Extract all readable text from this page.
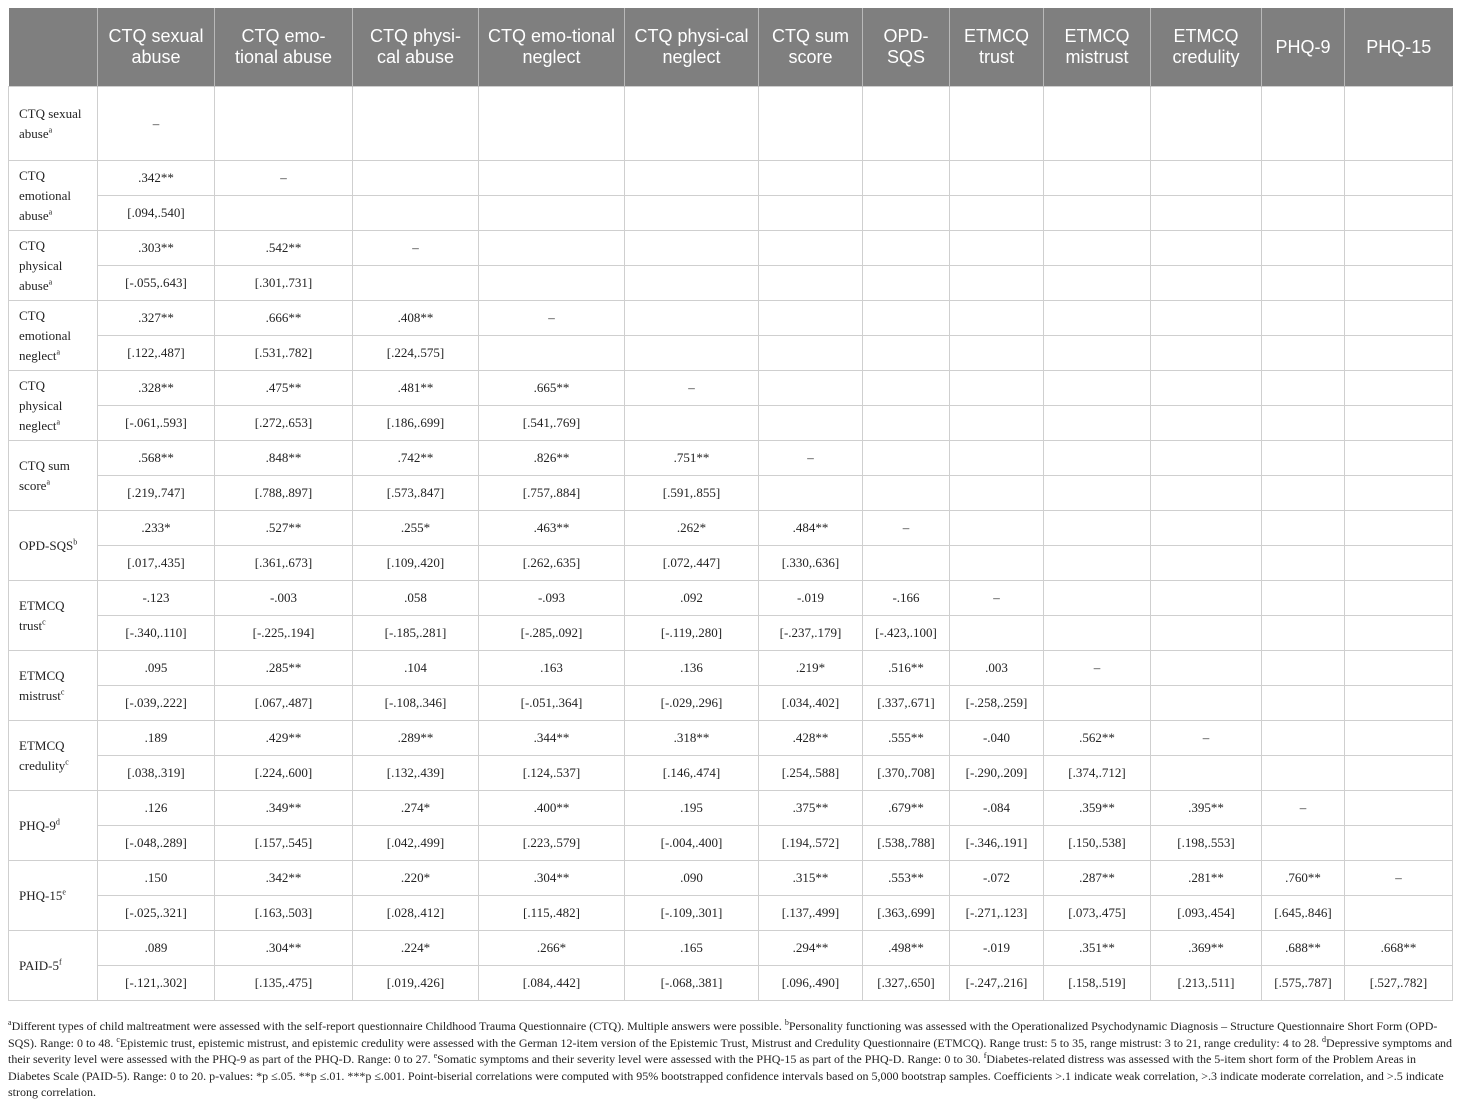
	CTQ sexual abuse	CTQ emo-tional abuse	CTQ physi-cal abuse	CTQ emo-tional neglect	CTQ physi-cal neglect	CTQ sum score	OPD-SQS	ETMCQ trust	ETMCQ mistrust	ETMCQ credulity	PHQ-9	PHQ-15
CTQ sexual abuse$^a$	–											
CTQ emotional abuse$^a$	.342**	–										
	[.094,.540]											
CTQ physical abuse$^a$	.303**	.542**	–									
	[-.055,.643]	[.301,.731]										
CTQ emotional neglect$^a$	.327**	.666**	.408**	–								
	[.122,.487]	[.531,.782]	[.224,.575]									
CTQ physical neglect$^a$	.328**	.475**	.481**	.665**	–							
	[-.061,.593]	[.272,.653]	[.186,.699]	[.541,.769]								
CTQ sum score$^a$	.568**	.848**	.742**	.826**	.751**	–						
	[.219,.747]	[.788,.897]	[.573,.847]	[.757,.884]	[.591,.855]							
OPD-SQS$^b$	.233*	.527**	.255*	.463**	.262*	.484**	–					
	[.017,.435]	[.361,.673]	[.109,.420]	[.262,.635]	[.072,.447]	[.330,.636]						
ETMCQ trust$^c$	-.123	-.003	.058	-.093	.092	-.019	-.166	–				
	[-.340,.110]	[-.225,.194]	[-.185,.281]	[-.285,.092]	[-.119,.280]	[-.237,.179]	[-.423,.100]					
ETMCQ mistrust$^c$	.095	.285**	.104	.163	.136	.219*	.516**	.003	–			
	[-.039,.222]	[.067,.487]	[-.108,.346]	[-.051,.364]	[-.029,.296]	[.034,.402]	[.337,.671]	[-.258,.259]				
ETMCQ credulity$^c$	.189	.429**	.289**	.344**	.318**	.428**	.555**	-.040	.562**	–		
	[.038,.319]	[.224,.600]	[.132,.439]	[.124,.537]	[.146,.474]	[.254,.588]	[.370,.708]	[-.290,.209]	[.374,.712]			
PHQ-9$^d$	.126	.349**	.274*	.400**	.195	.375**	.679**	-.084	.359**	.395**	–	
	[-.048,.289]	[.157,.545]	[.042,.499]	[.223,.579]	[-.004,.400]	[.194,.572]	[.538,.788]	[-.346,.191]	[.150,.538]	[.198,.553]		
PHQ-15e	.150	.342**	.220*	.304**	.090	.315**	.553**	-.072	.287**	.281**	.760**	–
	[-.025,.321]	[.163,.503]	[.028,.412]	[.115,.482]	[-.109,.301]	[.137,.499]	[.363,.699]	[-.271,.123]	[.073,.475]	[.093,.454]	[.645,.846]	
PAID-5$^f$	.089	.304**	.224*	.266*	.165	.294**	.498**	-.019	.351**	.369**	.688**	.668**
	[-.121,.302]	[.135,.475]	[.019,.426]	[.084,.442]	[-.068,.381]	[.096,.490]	[.327,.650]	[-.247,.216]	[.158,.519]	[.213,.511]	[.575,.787]	[.527,.782]
$^a$Different types of child maltreatment were assessed with the self-report questionnaire Childhood Trauma Questionnaire (CTQ). Multiple answers were possible. $^b$Personality functioning was assessed with the Operationalized Psychodynamic Diagnosis – Structure Questionnaire Short Form (OPD-SQS). Range: 0 to 48. $^c$Epistemic trust, epistemic mistrust, and epistemic credulity were assessed with the German 12-item version of the Epistemic Trust, Mistrust and Credulity Questionnaire (ETMCQ). Range trust: 5 to 35, range mistrust: 3 to 21, range credulity: 4 to 28. $^d$Depressive symptoms and their severity level were assessed with the PHQ-9 as part of the PHQ-D. Range: 0 to 27. $^e$Somatic symptoms and their severity level were assessed with the PHQ-15 as part of the PHQ-D. Range: 0 to 30. $^f$Diabetes-related distress was assessed with the 5-item short form of the Problem Areas in Diabetes Scale (PAID-5). Range: 0 to 20. p-values: *p ≤.05. **p ≤.01. ***p ≤.001. Point-biserial correlations were computed with 95% bootstrapped confidence intervals based on 5,000 bootstrap samples. Coefficients >.1 indicate weak correlation, >.3 indicate moderate correlation, and >.5 indicate strong correlation.
